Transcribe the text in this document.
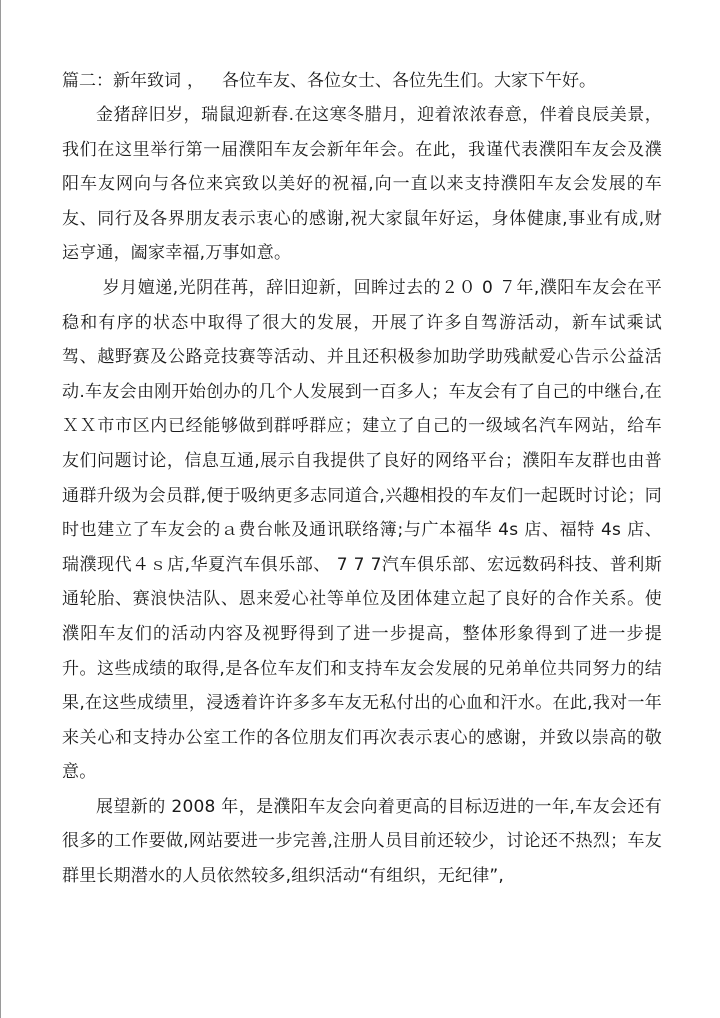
篇二：新年致词 ， 各位车友、各位女士、各位先生们。大家下午好。

金猪辞旧岁，瑞鼠迎新春.在这寒冬腊月，迎着浓浓春意，伴着良辰美景，我们在这里举行第一届濮阳车友会新年年会。在此，我谨代表濮阳车友会及濮阳车友网向与各位来宾致以美好的祝福,向一直以来支持濮阳车友会发展的车友、同行及各界朋友表示衷心的感谢,祝大家鼠年好运，身体健康,事业有成,财运亨通，阖家幸福,万事如意。

岁月嬗递,光阴荏苒，辞旧迎新，回眸过去的２０ 0 ７年,濮阳车友会在平稳和有序的状态中取得了很大的发展，开展了许多自驾游活动，新车试乘试驾、越野赛及公路竞技赛等活动、并且还积极参加助学助残献爱心告示公益活动.车友会由刚开始创办的几个人发展到一百多人；车友会有了自己的中继台,在ＸＸ市市区内已经能够做到群呼群应；建立了自己的一级域名汽车网站，给车友们问题讨论，信息互通,展示自我提供了良好的网络平台；濮阳车友群也由普通群升级为会员群,便于吸纳更多志同道合,兴趣相投的车友们一起既时讨论；同时也建立了车友会的ａ费台帐及通讯联络簿;与广本福华 4s 店、福特 4s 店、瑞濮现代４ｓ店,华夏汽车俱乐部、 7 7 7汽车俱乐部、宏远数码科技、普利斯通轮胎、赛浪快洁队、恩来爱心社等单位及团体建立起了良好的合作关系。使濮阳车友们的活动内容及视野得到了进一步提高，整体形象得到了进一步提升。这些成绩的取得,是各位车友们和支持车友会发展的兄弟单位共同努力的结果,在这些成绩里，浸透着许许多多车友无私付出的心血和汗水。在此,我对一年来关心和支持办公室工作的各位朋友们再次表示衷心的感谢，并致以崇高的敬意。

展望新的 2008 年，是濮阳车友会向着更高的目标迈进的一年,车友会还有很多的工作要做,网站要进一步完善,注册人员目前还较少，讨论还不热烈；车友群里长期潜水的人员依然较多,组织活动“有组织，无纪律”,
